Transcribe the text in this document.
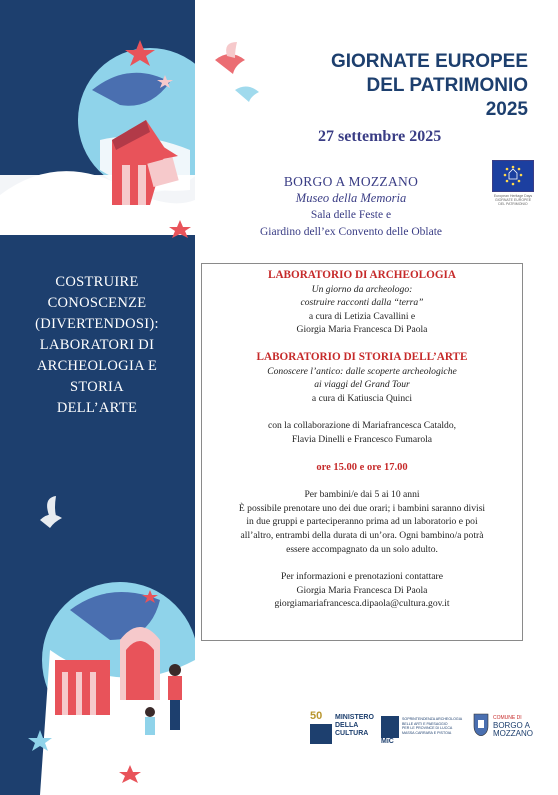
COSTRUIRE
CONOSCENZE
(DIVERTENDOSI):
LABORATORI DI
ARCHEOLOGIA E
STORIA
DELL’ARTE
GIORNATE EUROPEE
DEL PATRIMONIO
2025
27 settembre 2025
BORGO A MOZZANO
Museo della Memoria
Sala delle Feste e
Giardino dell’ex Convento delle Oblate
European Heritage Days
GIORNATE EUROPEE DEL PATRIMONIO
LABORATORIO DI ARCHEOLOGIA
Un giorno da archeologo:
costruire racconti dalla “terra”
a cura di Letizia Cavallini e
Giorgia Maria Francesca Di Paola
LABORATORIO DI STORIA DELL’ARTE
Conoscere l’antico: dalle scoperte archeologiche
ai viaggi del Grand Tour
a cura di Katiuscia Quinci
con la collaborazione di Mariafrancesca Cataldo,
Flavia Dinelli e Francesco Fumarola
ore 15.00 e ore 17.00
Per bambini/e dai 5 ai 10 anni
È possibile prenotare uno dei due orari; i bambini saranno divisi
in due gruppi e parteciperanno prima ad un laboratorio e poi
all’altro, entrambi della durata di un’ora. Ogni bambino/a potrà
essere accompagnato da un solo adulto.
Per informazioni e prenotazioni contattare
Giorgia Maria Francesca Di Paola
giorgiamariafrancesca.dipaola@cultura.gov.it
50 MINISTERO
DELLA
CULTURA
MiC
SOPRINTENDENZA ARCHEOLOGIA
BELLE ARTI E PAESAGGIO
PER LE PROVINCE DI LUCCA
MASSA CARRARA E PISTOIA
COMUNE DI
BORGO A
MOZZANO
